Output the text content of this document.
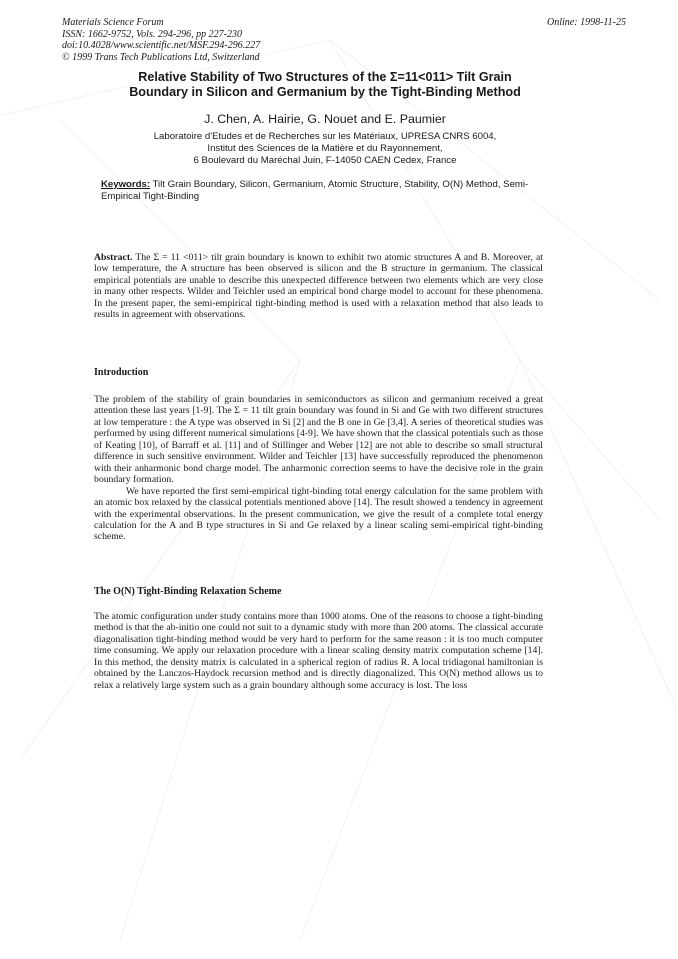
Materials Science Forum
ISSN: 1662-9752, Vols. 294-296, pp 227-230
doi:10.4028/www.scientific.net/MSF.294-296.227
© 1999 Trans Tech Publications Ltd, Switzerland
Online: 1998-11-25
Relative Stability of Two Structures of the Σ=11<011> Tilt Grain
Boundary in Silicon and Germanium by the Tight-Binding Method
J. Chen, A. Hairie, G. Nouet and E. Paumier
Laboratoire d'Etudes et de Recherches sur les Matériaux, UPRESA CNRS 6004,
Institut des Sciences de la Matière et du Rayonnement,
6 Boulevard du Maréchal Juin, F-14050 CAEN Cedex, France
Keywords: Tilt Grain Boundary, Silicon, Germanium, Atomic Structure, Stability, O(N) Method, Semi-Empirical Tight-Binding

Abstract. The Σ = 11 <011> tilt grain boundary is known to exhibit two atomic structures A and B. Moreover, at low temperature, the A structure has been observed is silicon and the B structure in germanium. The classical empirical potentials are unable to describe this unexpected difference between two elements which are very close in many other respects. Wilder and Teichler used an empirical bond charge model to account for these phenomena. In the present paper, the semi-empirical tight-binding method is used with a relaxation method that also leads to results in agreement with observations.

Introduction

The problem of the stability of grain boundaries in semiconductors as silicon and germanium received a great attention these last years [1-9]. The Σ = 11 tilt grain boundary was found in Si and Ge with two different structures at low temperature : the A type was observed in Si [2] and the B one in Ge [3,4]. A series of theoretical studies was performed by using different numerical simulations [4-9]. We have shown that the classical potentials such as those of Keating [10], of Barraff et al. [11] and of Stillinger and Weber [12] are not able to describe so small structural difference in such sensitive environment. Wilder and Teichler [13] have successfully reproduced the phenomenon with their anharmonic bond charge model. The anharmonic correction seems to have the decisive role in the grain boundary formation.

We have reported the first semi-empirical tight-binding total energy calculation for the same problem with an atomic box relaxed by the classical potentials mentioned above [14]. The result showed a tendency in agreement with the experimental observations. In the present communication, we give the result of a complete total energy calculation for the A and B type structures in Si and Ge relaxed by a linear scaling semi-empirical tight-binding scheme.

The O(N) Tight-Binding Relaxation Scheme

The atomic configuration under study contains more than 1000 atoms. One of the reasons to choose a tight-binding method is that the ab-initio one could not suit to a dynamic study with more than 200 atoms. The classical accurate diagonalisation tight-binding method would be very hard to perform for the same reason : it is too much computer time consuming. We apply our relaxation procedure with a linear scaling density matrix computation scheme [14]. In this method, the density matrix is calculated in a spherical region of radius R. A local tridiagonal hamiltonian is obtained by the Lanczos-Haydock recursion method and is directly diagonalized. This O(N) method allows us to relax a relatively large system such as a grain boundary although some accuracy is lost. The loss
